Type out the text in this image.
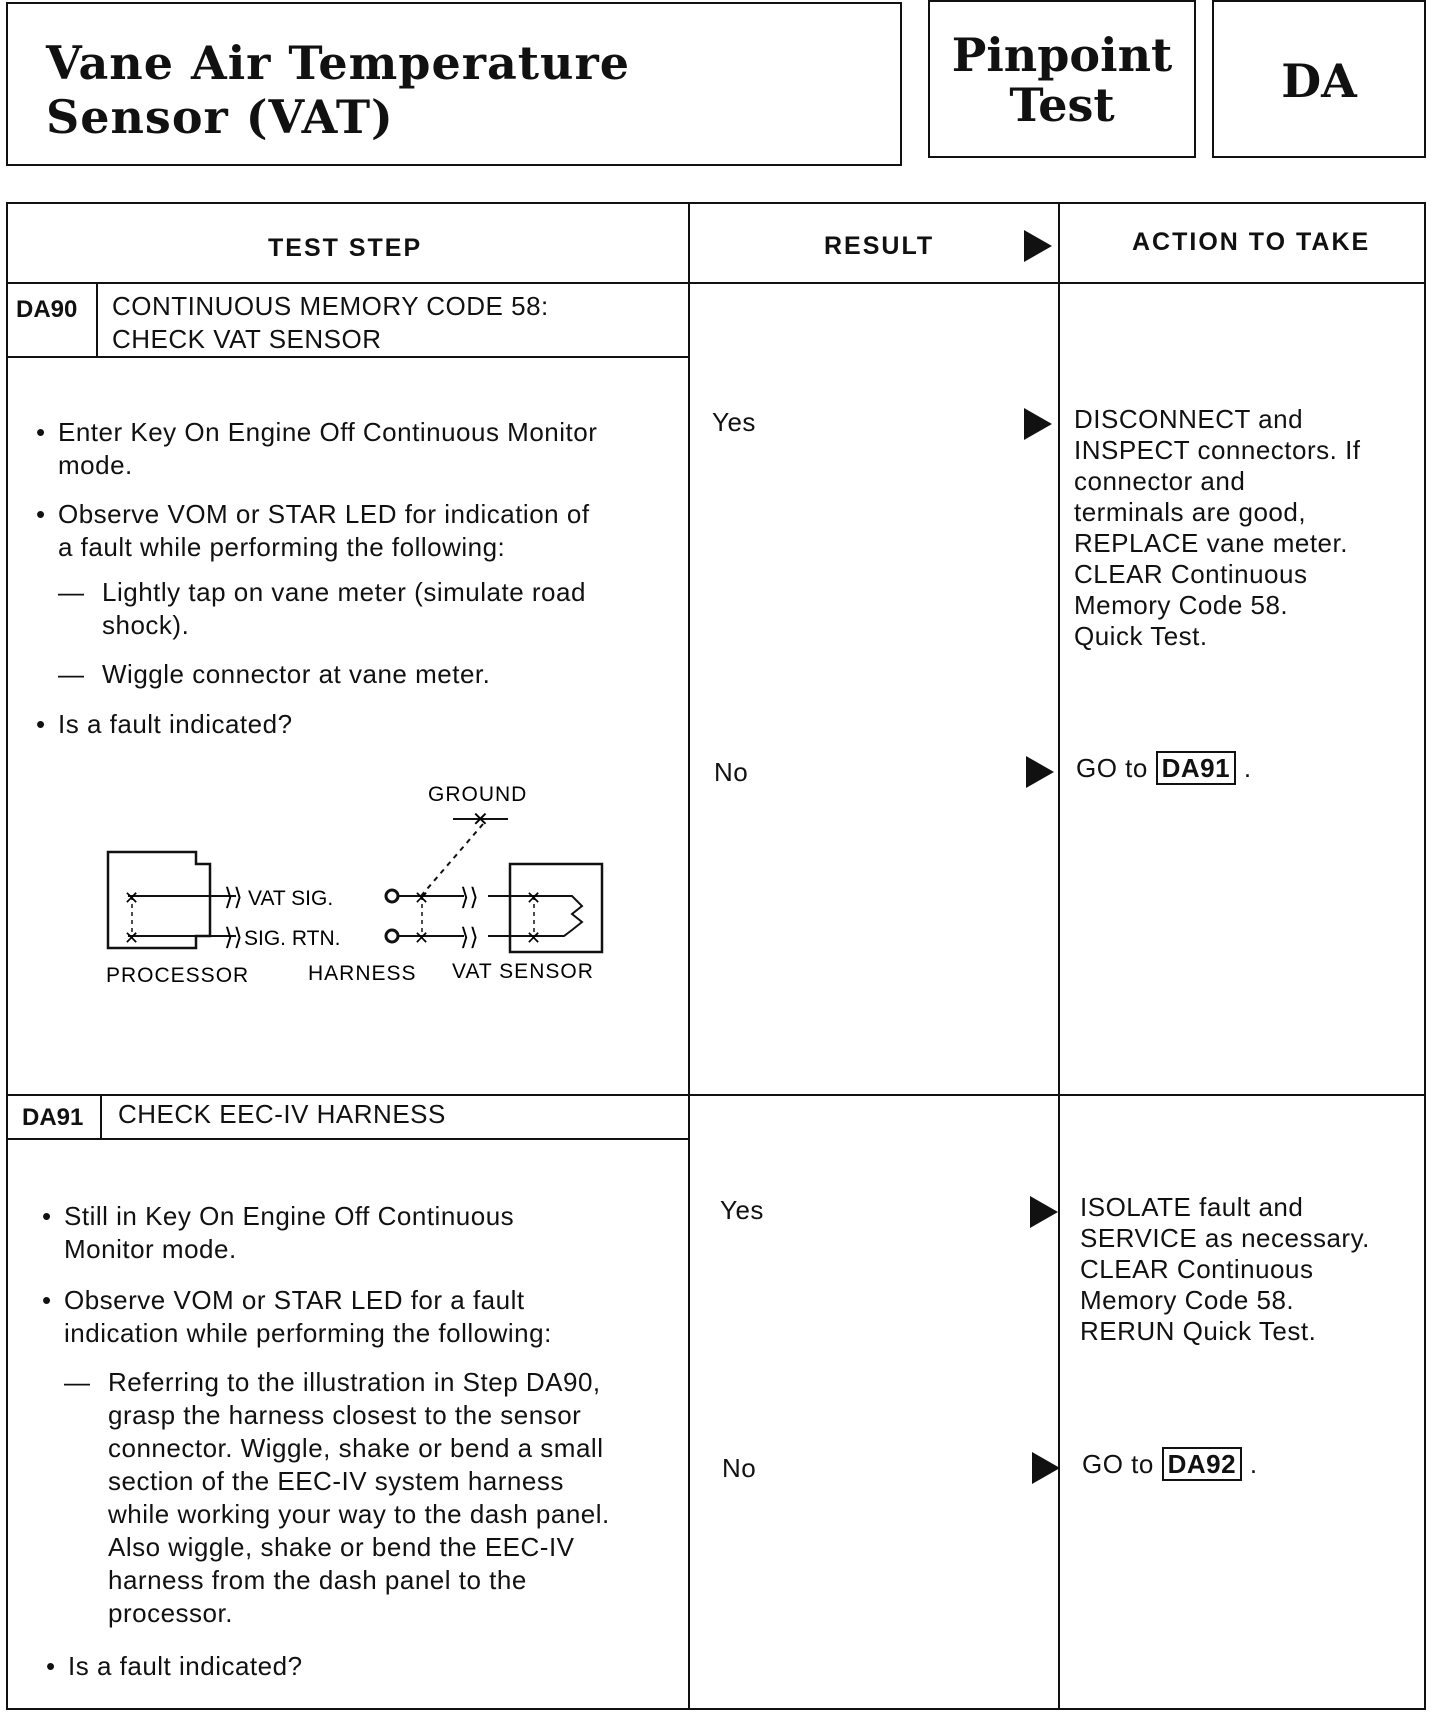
Vane Air Temperature
Sensor (VAT)
Pinpoint
Test	DA
TEST STEP	RESULT	ACTION TO TAKE
DA90 CONTINUOUS MEMORY CODE 58:
CHECK VAT SENSOR
• Enter Key On Engine Off Continuous Monitor
mode.
• Observe VOM or STAR LED for indication of
a fault while performing the following:
— Lightly tap on vane meter (simulate road
shock).
— Wiggle connector at vane meter.
• Is a fault indicated?
GROUND
✕
✕
✕
⟩⟩
⟩⟩
VAT SIG.
SIG. RTN.
✕
✕
⟩⟩
⟩⟩
✕
✕
PROCESSOR	HARNESS VAT SENSOR
Yes	DISCONNECT and
INSPECT connectors. If
connector and
terminals are good,
REPLACE vane meter.
CLEAR Continuous
Memory Code 58.
Quick Test.
No	GO to DA91 .
DA91 CHECK EEC-IV HARNESS
• Still in Key On Engine Off Continuous
Monitor mode.
• Observe VOM or STAR LED for a fault
indication while performing the following:
— Referring to the illustration in Step DA90,
grasp the harness closest to the sensor
connector. Wiggle, shake or bend a small
section of the EEC-IV system harness
while working your way to the dash panel.
Also wiggle, shake or bend the EEC-IV
harness from the dash panel to the
processor.
• Is a fault indicated?
Yes	ISOLATE fault and
SERVICE as necessary.
CLEAR Continuous
Memory Code 58.
RERUN Quick Test.
No	GO to DA92 .
